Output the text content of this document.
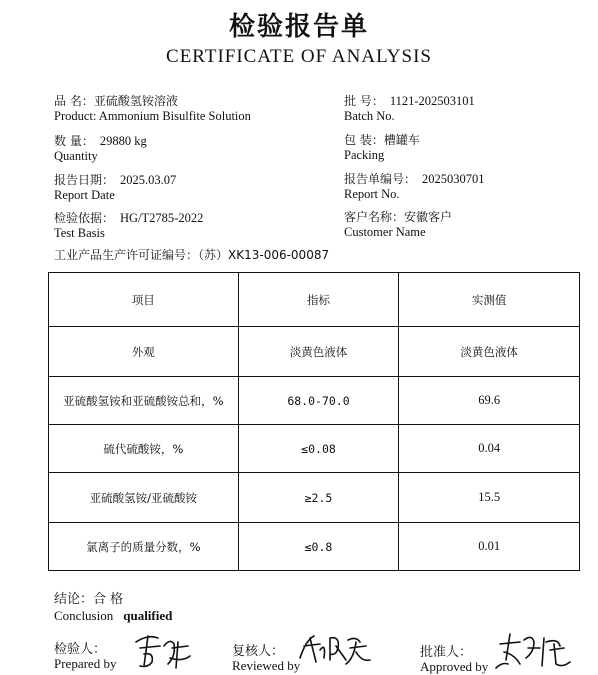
检验报告单
CERTIFICATE OF ANALYSIS
品 名：亚硫酸氢铵溶液
Product: Ammonium Bisulfite Solution
数 量： 29880 kg
Quantity
报告日期： 2025.03.07
Report Date
检验依据： HG/T2785-2022
Test Basis
工业产品生产许可证编号：（苏）XK13-006-00087
批 号： 1121-202503101
Batch No.
包 装：槽罐车
Packing
报告单编号： 2025030701
Report No.
客户名称：安徽客户
Customer Name
项目	指标	实测值
外观	淡黄色液体	淡黄色液体
亚硫酸氢铵和亚硫酸铵总和，%	68.0-70.0	69.6
硫代硫酸铵，%	≤0.08	0.04
亚硫酸氢铵/亚硫酸铵	≥2.5	15.5
氯离子的质量分数，%	≤0.8	0.01
结论：合 格
Conclusion qualified
检验人：
Prepared by
复核人：
Reviewed by
批准人：
Approved by
